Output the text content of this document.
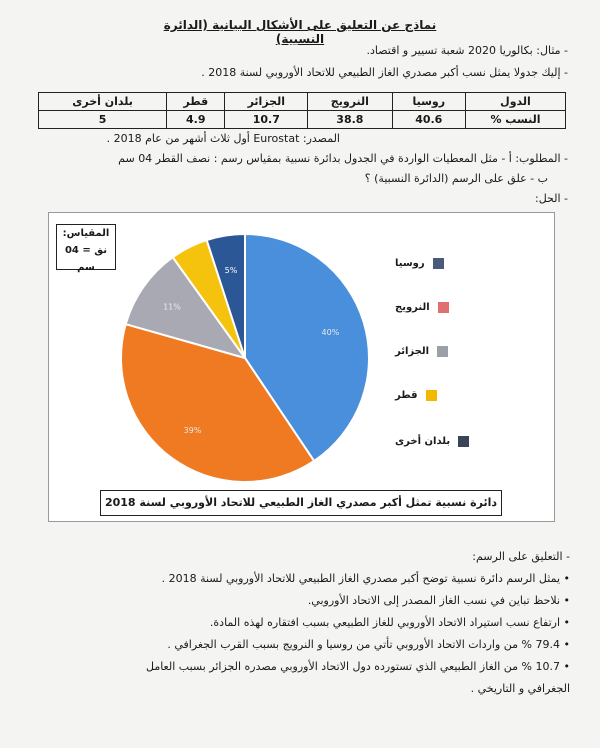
نماذج عن التعليق على الأشكال البيانية (الدائرة النسبية)
- مثال: بكالوريا 2020 شعبة تسيير و اقتصاد.
- إليك جدولا يمثل نسب أكبر مصدري الغاز الطبيعي للاتحاد الأوروبي لسنة 2018 .
الدول	روسيا	النرويج	الجزائر	قطر	بلدان أخرى
النسب %	40.6	38.8	10.7	4.9	5
المصدر: Eurostat أول ثلاث أشهر من عام 2018 .
- المطلوب: أ - مثل المعطيات الواردة في الجدول بدائرة نسبية بمقياس رسم : نصف القطر 04 سم
ب - علق على الرسم (الدائرة النسبية) ؟
- الحل:
المقياس:
نق = 04 سم
40%
39%
11%
5%
روسيا
النرويج
الجزائر
قطر
بلدان أخرى
دائرة نسبية تمثل أكبر مصدري الغاز الطبيعي للاتحاد الأوروبي لسنة 2018
- التعليق على الرسم:
• يمثل الرسم دائرة نسبية توضح أكبر مصدري الغاز الطبيعي للاتحاد الأوروبي لسنة 2018 .
• نلاحظ تباين في نسب الغاز المصدر إلى الاتحاد الأوروبي.
• ارتفاع نسب استيراد الاتحاد الأوروبي للغاز الطبيعي بسبب افتقاره لهذه المادة.
• 79.4 % من واردات الاتحاد الأوروبي تأتي من روسيا و النرويج بسبب القرب الجغرافي .
• 10.7 % من الغاز الطبيعي الذي تستورده دول الاتحاد الأوروبي مصدره الجزائر بسبب العامل
الجغرافي و التاريخي .
